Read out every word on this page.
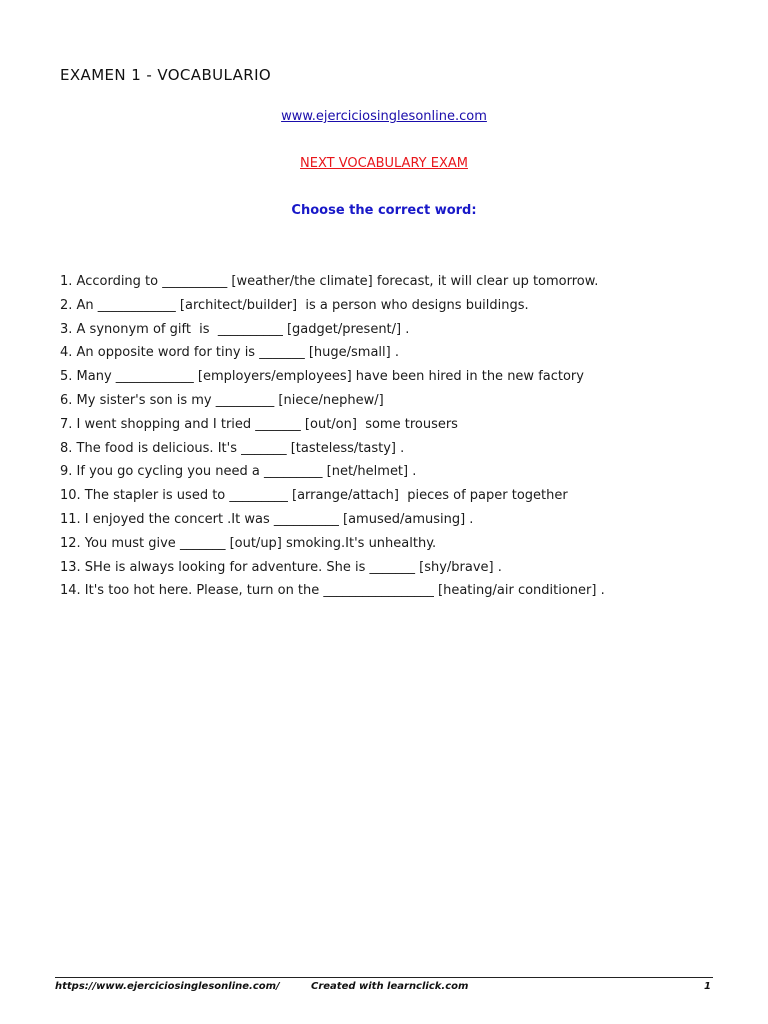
EXAMEN 1 - VOCABULARIO
www.ejerciciosinglesonline.com
NEXT VOCABULARY EXAM
Choose the correct word:
1. According to __________ [weather/the climate] forecast, it will clear up tomorrow.
2. An ____________ [architect/builder]  is a person who designs buildings.
3. A synonym of gift  is  __________ [gadget/present/] .
4. An opposite word for tiny is _______ [huge/small] .
5. Many ____________ [employers/employees] have been hired in the new factory
6. My sister's son is my _________ [niece/nephew/]
7. I went shopping and I tried _______ [out/on]  some trousers
8. The food is delicious. It's _______ [tasteless/tasty] .
9. If you go cycling you need a _________ [net/helmet] .
10. The stapler is used to _________ [arrange/attach]  pieces of paper together
11. I enjoyed the concert .It was __________ [amused/amusing] .
12. You must give _______ [out/up] smoking.It's unhealthy.
13. SHe is always looking for adventure. She is _______ [shy/brave] .
14. It's too hot here. Please, turn on the _________________ [heating/air conditioner] .
https://www.ejerciciosinglesonline.com/	Created with learnclick.com	1
